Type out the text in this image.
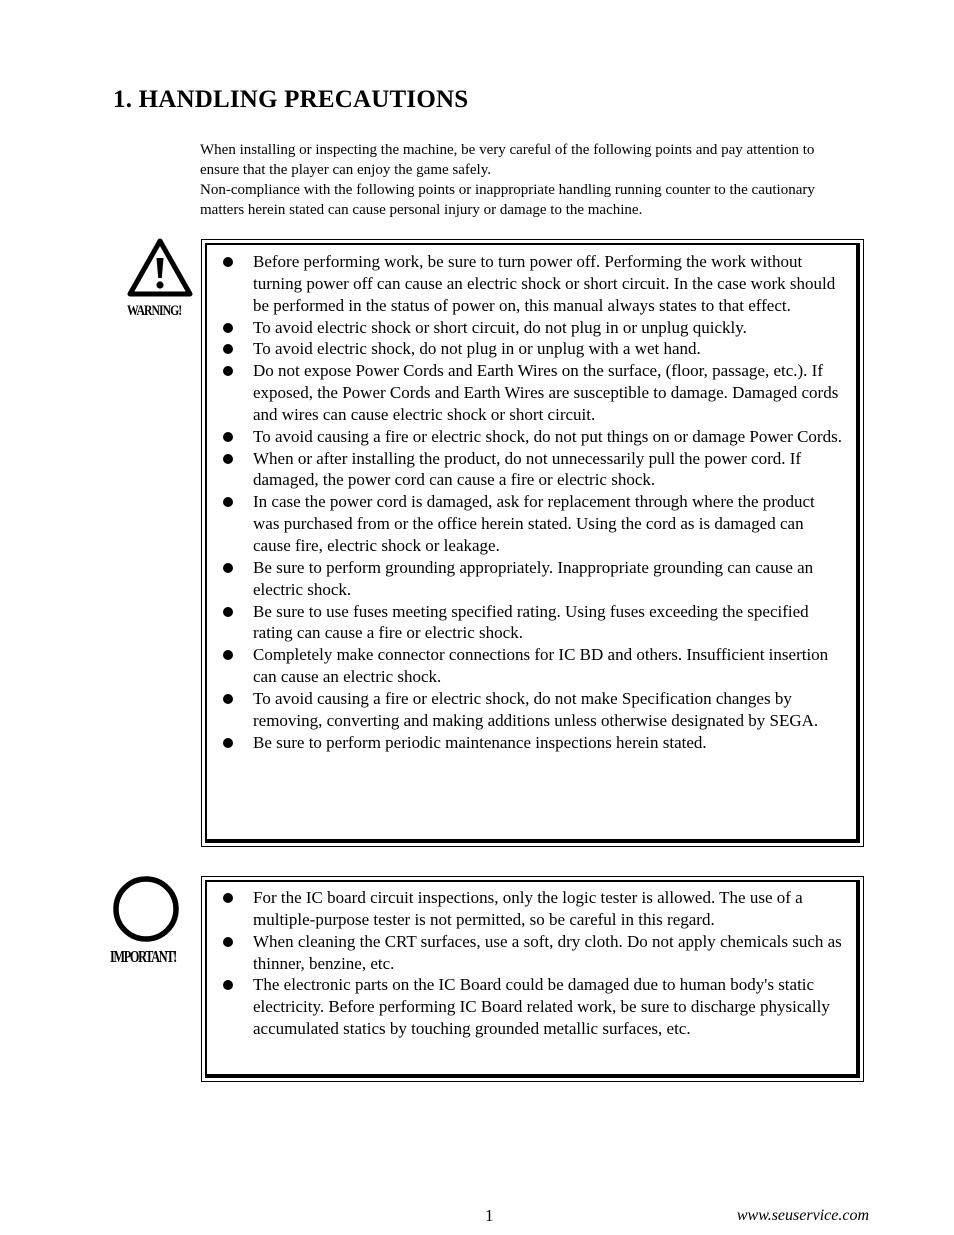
1. HANDLING PRECAUTIONS

When installing or inspecting the machine, be very careful of the following points and pay attention to ensure that the player can enjoy the game safely.

Non-compliance with the following points or inappropriate handling running counter to the cautionary matters herein stated can cause personal injury or damage to the machine.

WARNING!
Before performing work, be sure to turn power off. Performing the work without turning power off can cause an electric shock or short circuit. In the case work should be performed in the status of power on, this manual always states to that effect.
To avoid electric shock or short circuit, do not plug in or unplug quickly.
To avoid electric shock, do not plug in or unplug with a wet hand.
Do not expose Power Cords and Earth Wires on the surface, (floor, passage, etc.). If exposed, the Power Cords and Earth Wires are susceptible to damage. Damaged cords and wires can cause electric shock or short circuit.
To avoid causing a fire or electric shock, do not put things on or damage Power Cords.
When or after installing the product, do not unnecessarily pull the power cord. If damaged, the power cord can cause a fire or electric shock.
In case the power cord is damaged, ask for replacement through where the product was purchased from or the office herein stated. Using the cord as is damaged can cause fire, electric shock or leakage.
Be sure to perform grounding appropriately. Inappropriate grounding can cause an electric shock.
Be sure to use fuses meeting specified rating. Using fuses exceeding the specified rating can cause a fire or electric shock.
Completely make connector connections for IC BD and others. Insufficient insertion can cause an electric shock.
To avoid causing a fire or electric shock, do not make Specification changes by removing, converting and making additions unless otherwise designated by SEGA.
Be sure to perform periodic maintenance inspections herein stated.
IMPORTANT!
For the IC board circuit inspections, only the logic tester is allowed. The use of a multiple-purpose tester is not permitted, so be careful in this regard.
When cleaning the CRT surfaces, use a soft, dry cloth. Do not apply chemicals such as thinner, benzine, etc.
The electronic parts on the IC Board could be damaged due to human body's static electricity. Before performing IC Board related work, be sure to discharge physically accumulated statics by touching grounded metallic surfaces, etc.
1	www.seuservice.com
